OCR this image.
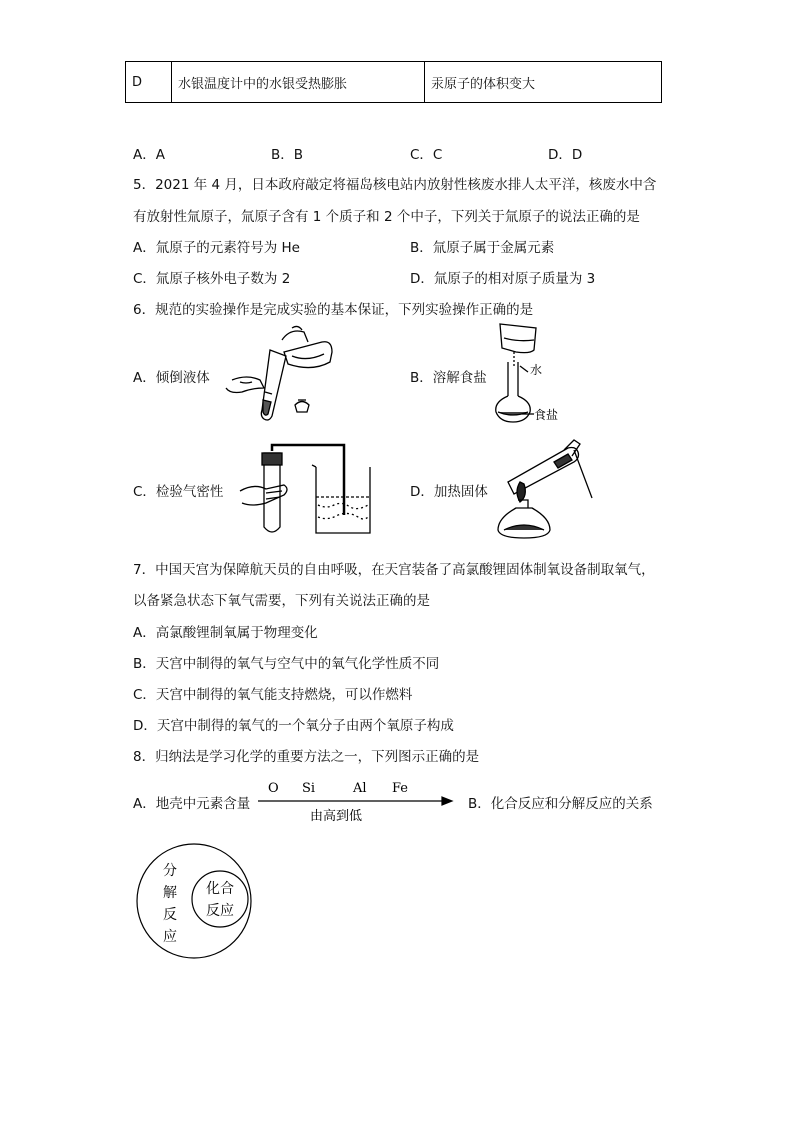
D	水银温度计中的水银受热膨胀	汞原子的体积变大
A．A	B．B	C．C	D．D
5．2021 年 4 月，日本政府敲定将福岛核电站内放射性核废水排人太平洋，核废水中含
有放射性氚原子，氚原子含有 1 个质子和 2 个中子，下列关于氚原子的说法正确的是
A．氚原子的元素符号为 He	B．氚原子属于金属元素
C．氚原子核外电子数为 2	D．氚原子的相对原子质量为 3
6．规范的实验操作是完成实验的基本保证，下列实验操作正确的是
A．倾倒液体	B．溶解食盐
C．检验气密性	D．加热固体
水
食盐
7．中国天宫为保障航天员的自由呼吸，在天宫装备了高氯酸锂固体制氧设备制取氧气，
以备紧急状态下氧气需要，下列有关说法正确的是
A．高氯酸锂制氧属于物理变化
B．天宫中制得的氧气与空气中的氧气化学性质不同
C．天宫中制得的氧气能支持燃烧，可以作燃料
D．天宫中制得的氧气的一个氧分子由两个氧原子构成
8．归纳法是学习化学的重要方法之一，下列图示正确的是
A．地壳中元素含量
O Si	Al Fe
由高到低
B．化合反应和分解反应的关系
分
解
反
应
化合
反应
